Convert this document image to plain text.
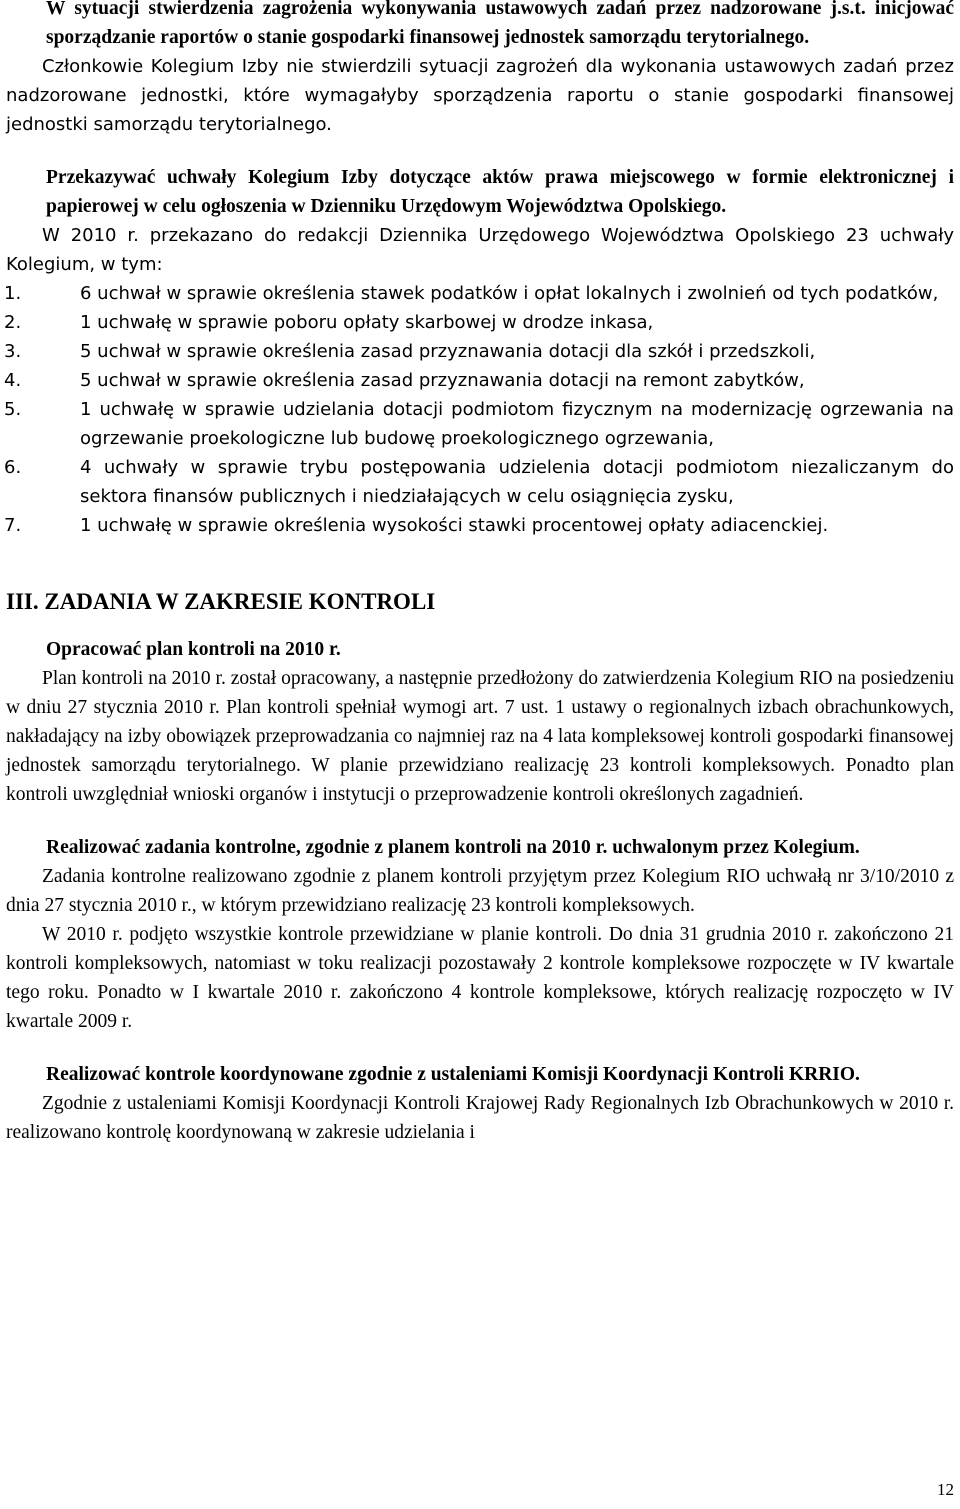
W sytuacji stwierdzenia zagrożenia wykonywania ustawowych zadań przez nadzorowane j.s.t. inicjować sporządzanie raportów o stanie gospodarki finansowej jednostek samorządu terytorialnego.

Członkowie Kolegium Izby nie stwierdzili sytuacji zagrożeń dla wykonania ustawowych zadań przez nadzorowane jednostki, które wymagałyby sporządzenia raportu o stanie gospodarki finansowej jednostki samorządu terytorialnego.

Przekazywać uchwały Kolegium Izby dotyczące aktów prawa miejscowego w formie elektronicznej i papierowej w celu ogłoszenia w Dzienniku Urzędowym Województwa Opolskiego.

W 2010 r. przekazano do redakcji Dziennika Urzędowego Województwa Opolskiego 23 uchwały Kolegium, w tym:

1.	6 uchwał w sprawie określenia stawek podatków i opłat lokalnych i zwolnień od tych podatków,

2.	1 uchwałę w sprawie poboru opłaty skarbowej w drodze inkasa,

3.	5 uchwał w sprawie określenia zasad przyznawania dotacji dla szkół i przedszkoli,

4.	5 uchwał w sprawie określenia zasad przyznawania dotacji na remont zabytków,

5.	1 uchwałę w sprawie udzielania dotacji podmiotom fizycznym na modernizację ogrzewania na ogrzewanie proekologiczne lub budowę proekologicznego ogrzewania,

6.	4 uchwały w sprawie trybu postępowania udzielenia dotacji podmiotom niezaliczanym do sektora finansów publicznych i niedziałających w celu osiągnięcia zysku,

7.	1 uchwałę w sprawie określenia wysokości stawki procentowej opłaty adiacenckiej.

III. ZADANIA W ZAKRESIE KONTROLI

Opracować plan kontroli na 2010 r.

Plan kontroli na 2010 r. został opracowany, a następnie przedłożony do zatwierdzenia Kolegium RIO na posiedzeniu w dniu 27 stycznia 2010 r. Plan kontroli spełniał wymogi art. 7 ust. 1 ustawy o regionalnych izbach obrachunkowych, nakładający na izby obowiązek przeprowadzania co najmniej raz na 4 lata kompleksowej kontroli gospodarki finansowej jednostek samorządu terytorialnego. W planie przewidziano realizację 23 kontroli kompleksowych. Ponadto plan kontroli uwzględniał wnioski organów i instytucji o przeprowadzenie kontroli określonych zagadnień.

Realizować zadania kontrolne, zgodnie z planem kontroli na 2010 r. uchwalonym przez Kolegium.

Zadania kontrolne realizowano zgodnie z planem kontroli przyjętym przez Kolegium RIO uchwałą nr 3/10/2010 z dnia 27 stycznia 2010 r., w którym przewidziano realizację 23 kontroli kompleksowych.

W 2010 r. podjęto wszystkie kontrole przewidziane w planie kontroli. Do dnia 31 grudnia 2010 r. zakończono 21 kontroli kompleksowych, natomiast w toku realizacji pozostawały 2 kontrole kompleksowe rozpoczęte w IV kwartale tego roku. Ponadto w I kwartale 2010 r. zakończono 4 kontrole kompleksowe, których realizację rozpoczęto w IV kwartale 2009 r.

Realizować kontrole koordynowane zgodnie z ustaleniami Komisji Koordynacji Kontroli KRRIO.

Zgodnie z ustaleniami Komisji Koordynacji Kontroli Krajowej Rady Regionalnych Izb Obrachunkowych w 2010 r. realizowano kontrolę koordynowaną w zakresie udzielania i

12
